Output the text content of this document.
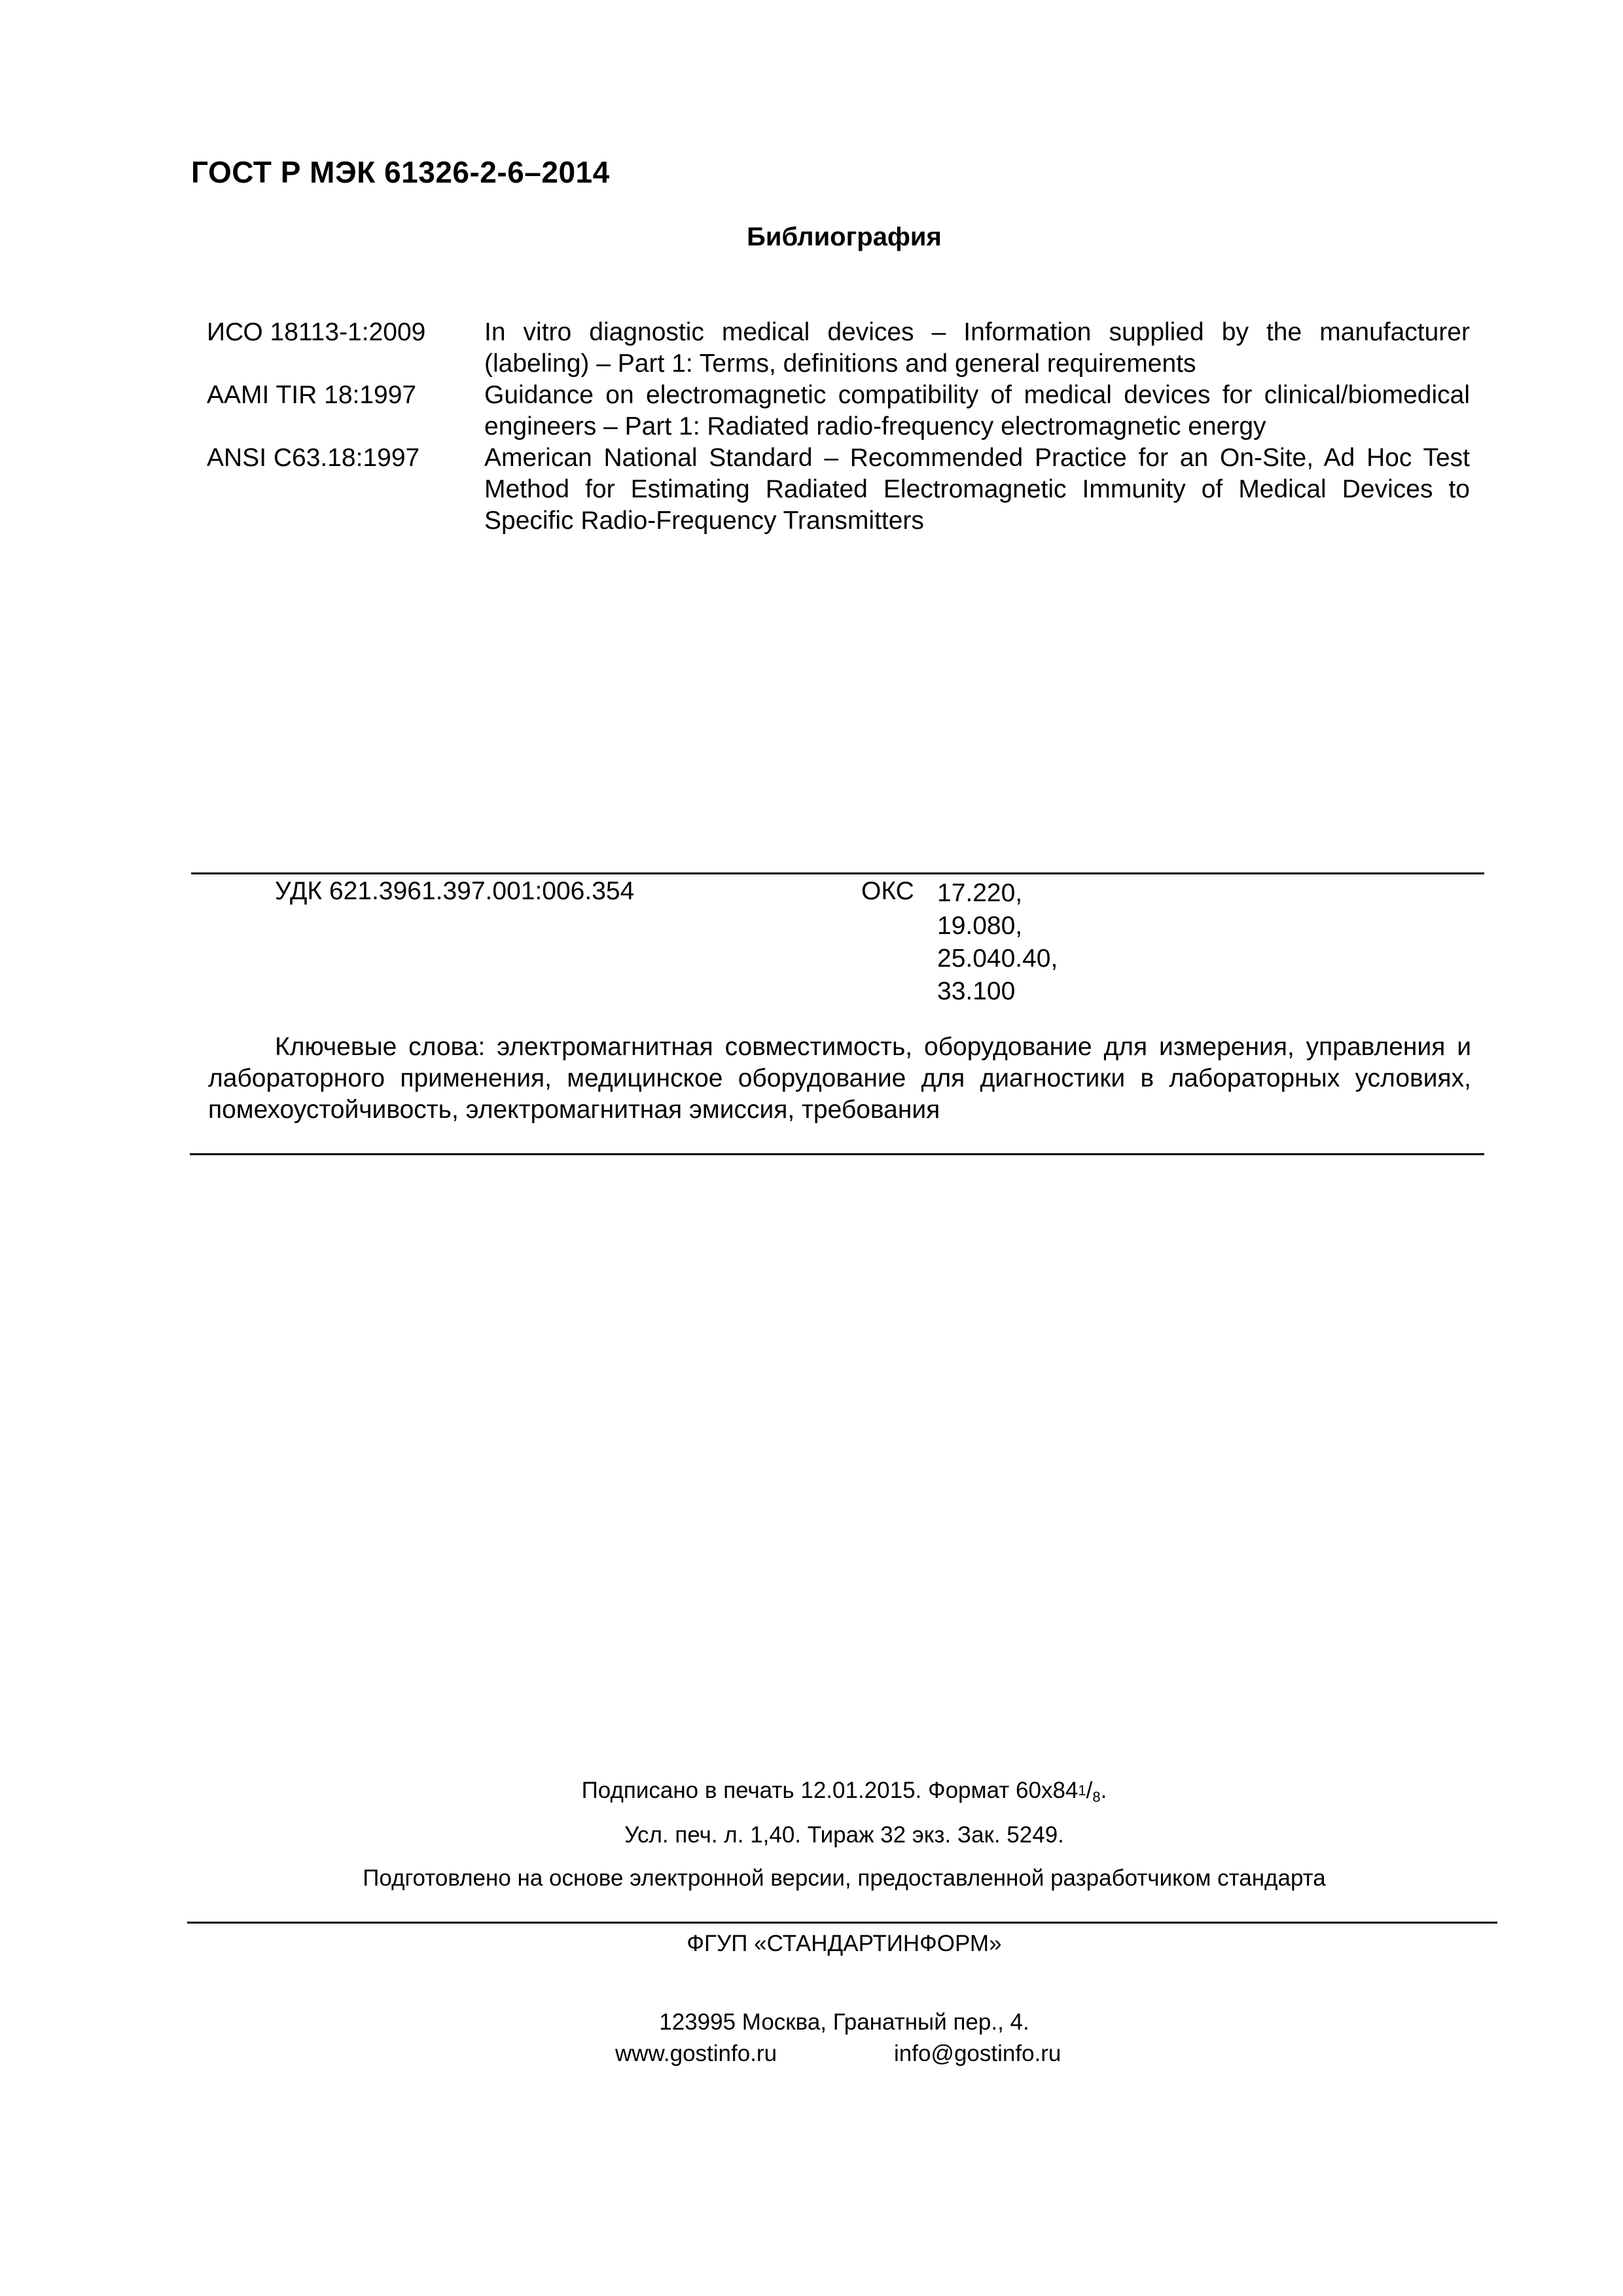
ГОСТ Р МЭК 61326-2-6–2014
Библиография
ИСО 18113-1:2009	In vitro diagnostic medical devices – Information supplied by the manufacturer (labeling) – Part 1: Terms, definitions and general requirements
AAMI TIR 18:1997	Guidance on electromagnetic compatibility of medical devices for clinical/biomedical engineers – Part 1: Radiated radio-frequency electromagnetic energy
ANSI C63.18:1997	American National Standard – Recommended Practice for an On-Site, Ad Hoc Test Method for Estimating Radiated Electromagnetic Immunity of Medical Devices to Specific Radio-Frequency Transmitters
УДК 621.3961.397.001:006.354	ОКС 17.220,
19.080,
25.040.40,
33.100
Ключевые слова: электромагнитная совместимость, оборудование для измерения, управления и лабораторного применения, медицинское оборудование для диагностики в лабораторных условиях, помехоустойчивость, электромагнитная эмиссия, требования
Подписано в печать 12.01.2015. Формат $60x84^1/_8$.
Усл. печ. л. 1,40. Тираж 32 экз. Зак. 5249.
Подготовлено на основе электронной версии, предоставленной разработчиком стандарта
ФГУП «СТАНДАРТИНФОРМ»
123995 Москва, Гранатный пер., 4.
www.gostinfo.ru	info@gostinfo.ru
